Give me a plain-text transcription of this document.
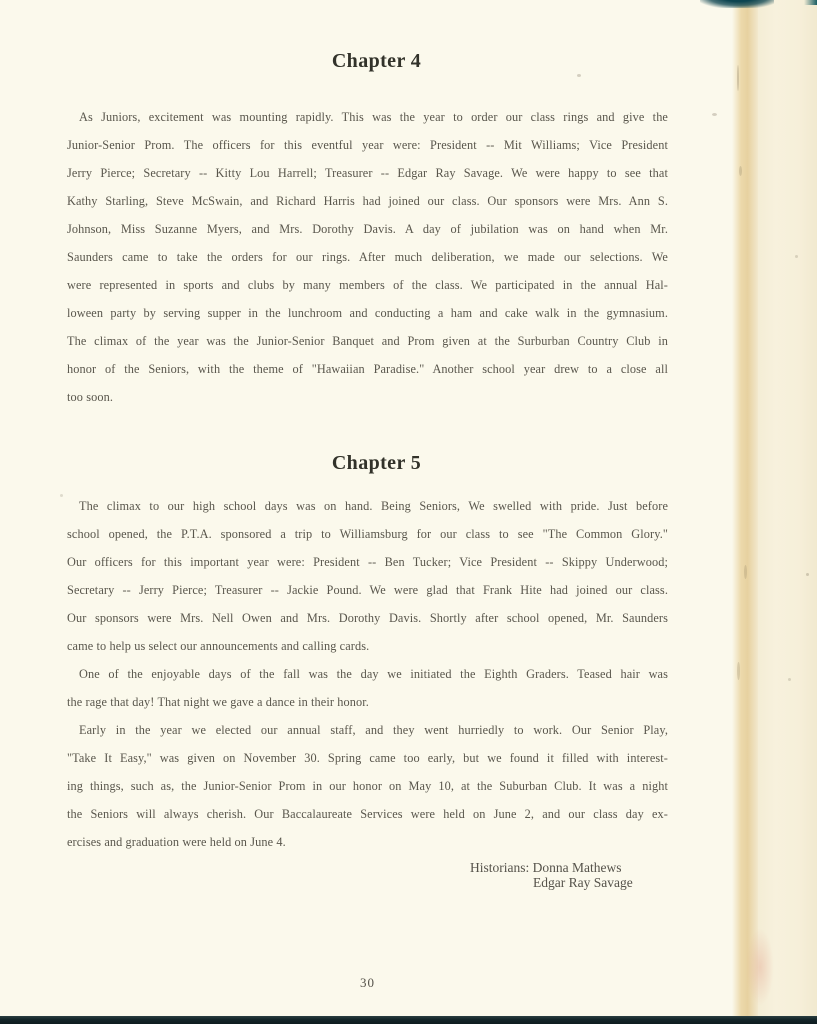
Chapter 4
As Juniors, excitement was mounting rapidly. This was the year to order our class rings and give the
Junior-Senior Prom. The officers for this eventful year were: President -- Mit Williams; Vice President
Jerry Pierce; Secretary -- Kitty Lou Harrell; Treasurer -- Edgar Ray Savage. We were happy to see that
Kathy Starling, Steve McSwain, and Richard Harris had joined our class. Our sponsors were Mrs. Ann S.
Johnson, Miss Suzanne Myers, and Mrs. Dorothy Davis. A day of jubilation was on hand when Mr.
Saunders came to take the orders for our rings. After much deliberation, we made our selections. We
were represented in sports and clubs by many members of the class. We participated in the annual Hal-
loween party by serving supper in the lunchroom and conducting a ham and cake walk in the gymnasium.
The climax of the year was the Junior-Senior Banquet and Prom given at the Surburban Country Club in
honor of the Seniors, with the theme of "Hawaiian Paradise." Another school year drew to a close all
too soon.
Chapter 5
The climax to our high school days was on hand. Being Seniors, We swelled with pride. Just before
school opened, the P.T.A. sponsored a trip to Williamsburg for our class to see "The Common Glory."
Our officers for this important year were: President -- Ben Tucker; Vice President -- Skippy Underwood;
Secretary -- Jerry Pierce; Treasurer -- Jackie Pound. We were glad that Frank Hite had joined our class.
Our sponsors were Mrs. Nell Owen and Mrs. Dorothy Davis. Shortly after school opened, Mr. Saunders
came to help us select our announcements and calling cards.
One of the enjoyable days of the fall was the day we initiated the Eighth Graders. Teased hair was
the rage that day! That night we gave a dance in their honor.
Early in the year we elected our annual staff, and they went hurriedly to work. Our Senior Play,
"Take It Easy," was given on November 30. Spring came too early, but we found it filled with interest-
ing things, such as, the Junior-Senior Prom in our honor on May 10, at the Suburban Club. It was a night
the Seniors will always cherish. Our Baccalaureate Services were held on June 2, and our class day ex-
ercises and graduation were held on June 4.
Historians: Donna Mathews
Edgar Ray Savage
30
